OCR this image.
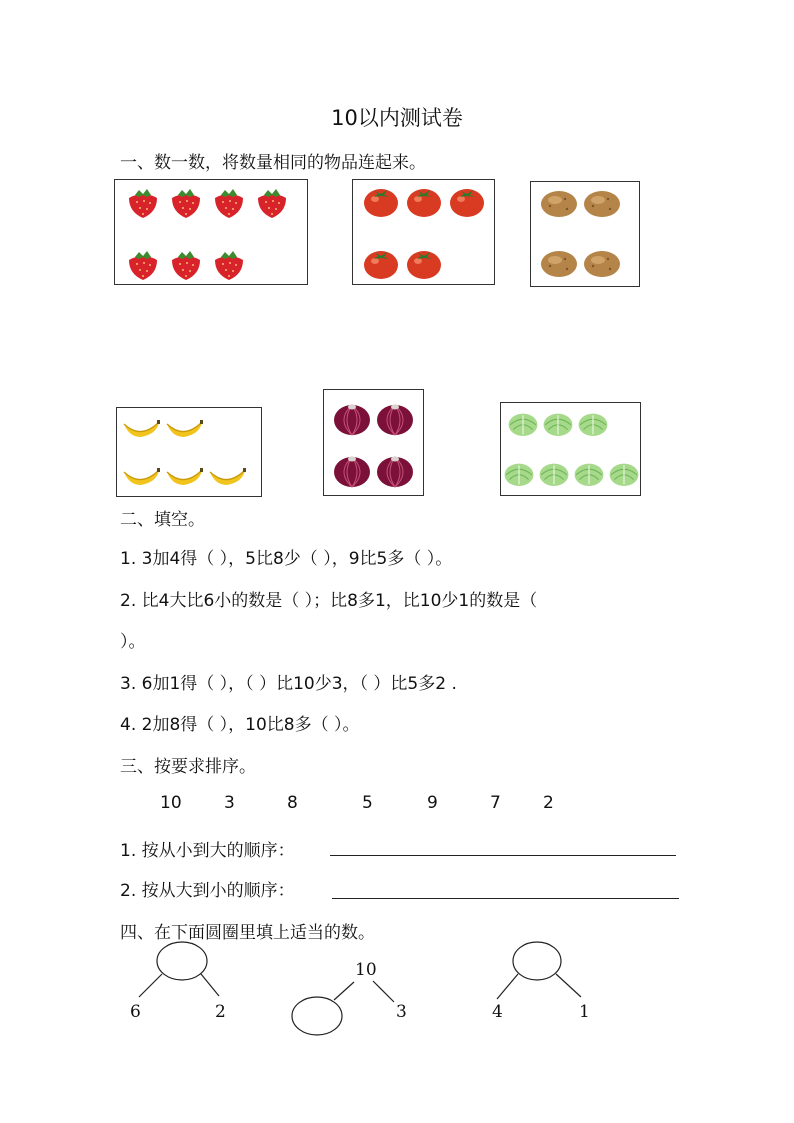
10以内测试卷
一、数一数，将数量相同的物品连起来。
二、填空。
1. 3加4得（ ），5比8少（ ），9比5多（ ）。
2. 比4大比6小的数是（ ）；比8多1，比10少1的数是（
）。
3. 6加1得（ ），（ ）比10少3，（ ）比5多2 .
4. 2加8得（ ），10比8多（ ）。
三、按要求排序。
10 3	8	5	9	7 2
1. 按从小到大的顺序：
2. 按从大到小的顺序：
四、在下面圆圈里填上适当的数。
6	2
10
3	4	1
